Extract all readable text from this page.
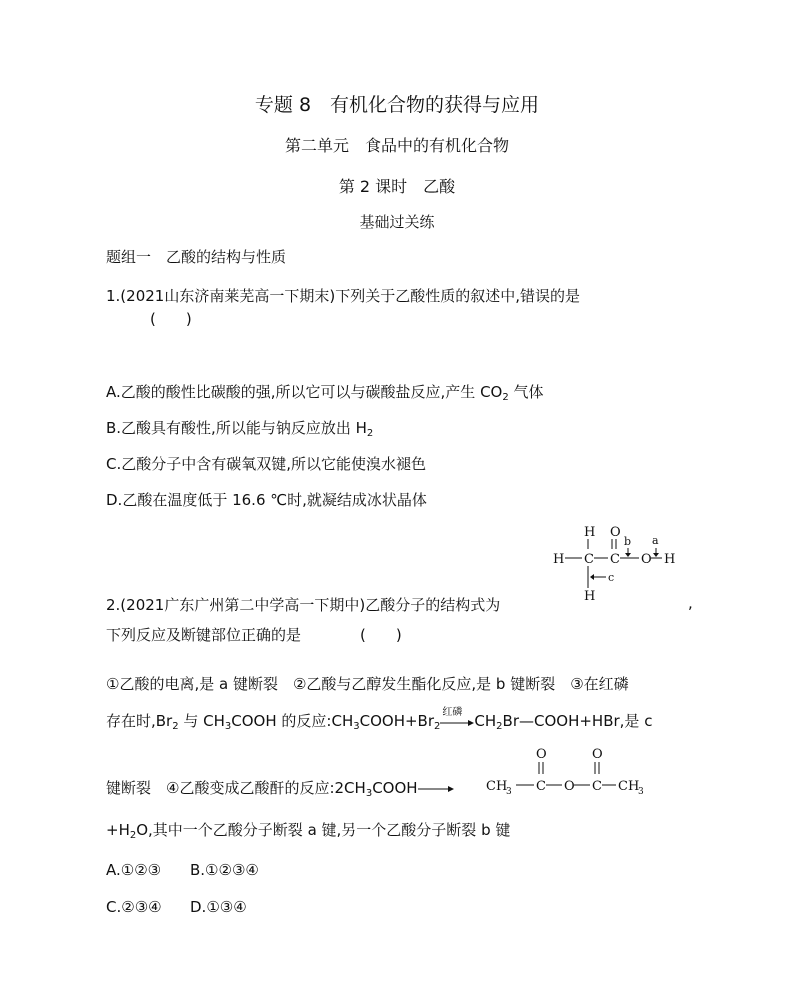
专题 8　有机化合物的获得与应用
第二单元　食品中的有机化合物
第 2 课时　乙酸
基础过关练
题组一　乙酸的结构与性质
1.(2021山东济南莱芜高一下期末)下列关于乙酸性质的叙述中,错误的是
(　　)
A.乙酸的酸性比碳酸的强,所以它可以与碳酸盐反应,产生 $CO_2$ 气体
B.乙酸具有酸性,所以能与钠反应放出 $H_2$
C.乙酸分子中含有碳氧双键,所以它能使溴水褪色
D.乙酸在温度低于 16.6 ℃时,就凝结成冰状晶体
H O
H C C O H
H
b a
c
2.(2021广东广州第二中学高一下期中)乙酸分子的结构式为	,
下列反应及断键部位正确的是	(　　)
①乙酸的电离,是 a 键断裂　②乙酸与乙醇发生酯化反应,是 b 键断裂　③在红磷
存在时$,Br_2$ 与 $CH_3COOH$ 的反应$:CH_3COOH+Br_2$
红磷 $CH_2Br—COOH+HBr$,是 c
键断裂　④乙酸变成乙酸酐的反应$:2CH_3COOH\to$
O	O
CH
3 C O C CH
3
$+H_2O$,其中一个乙酸分子断裂 a 键,另一个乙酸分子断裂 b 键
A.①②③ B.①②③④
C.②③④ D.①③④
